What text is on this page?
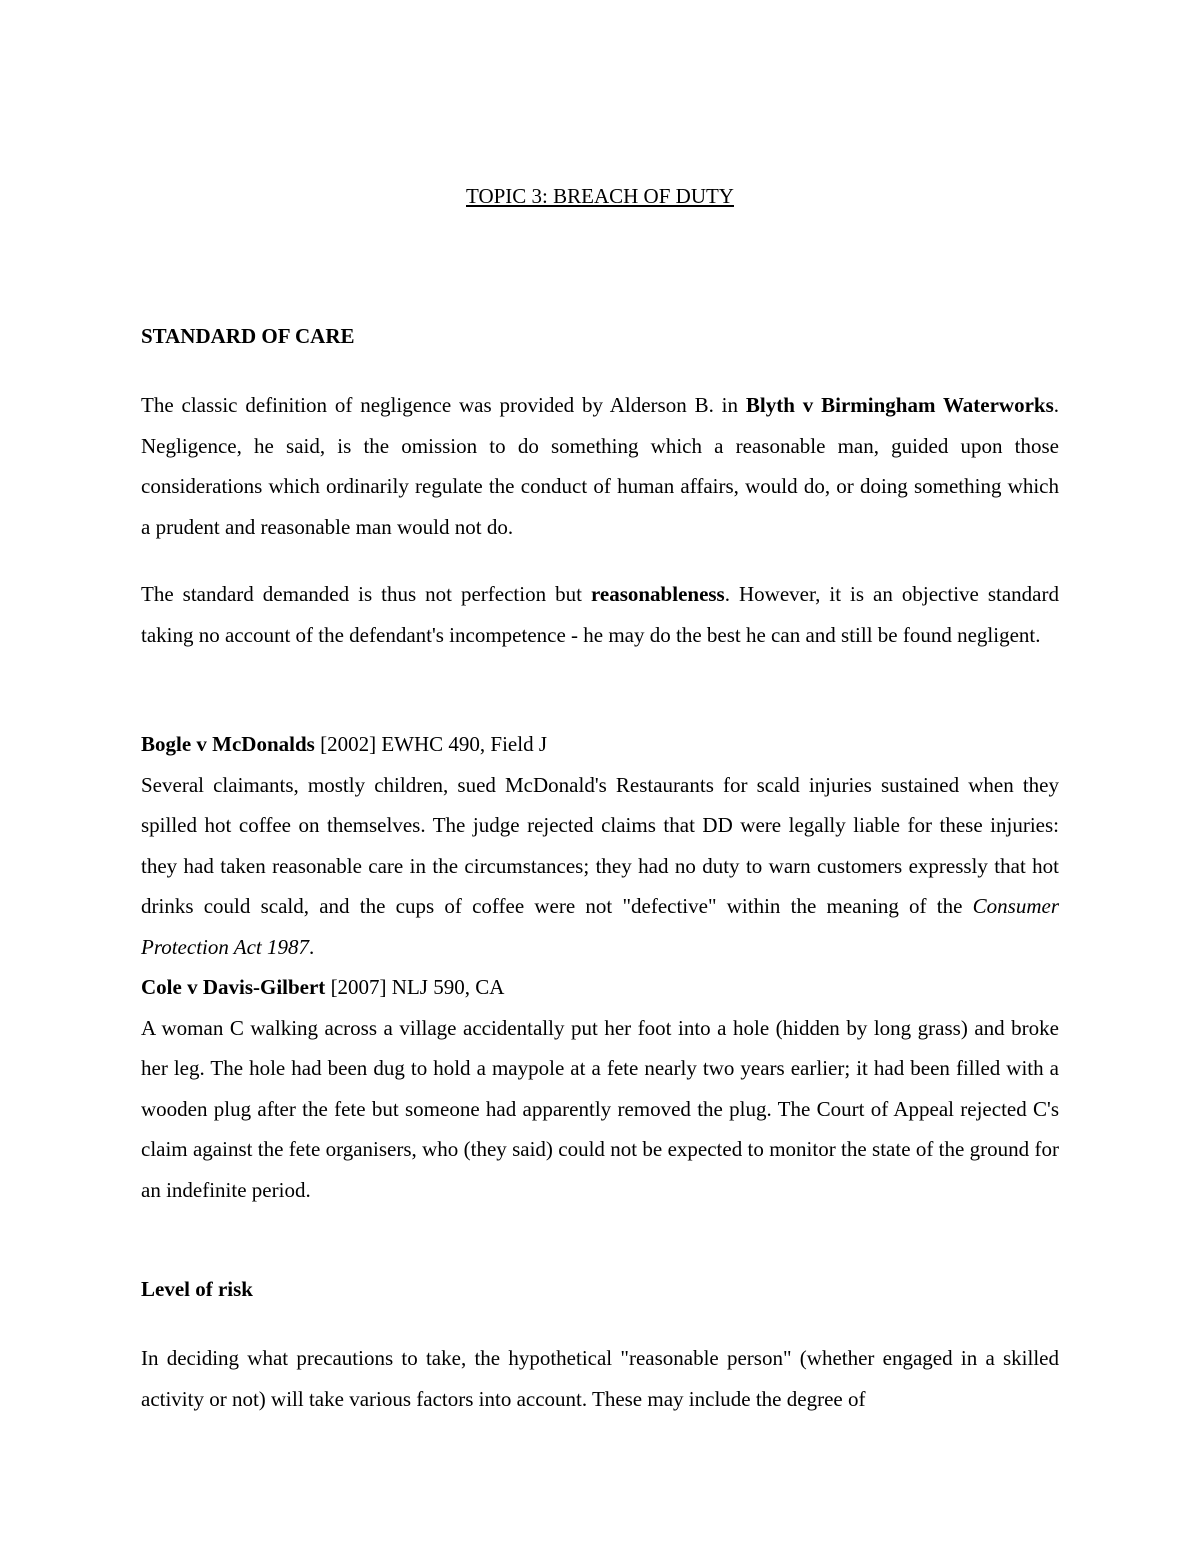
TOPIC 3: BREACH OF DUTY
STANDARD OF CARE

The classic definition of negligence was provided by Alderson B. in Blyth v Birmingham Waterworks. Negligence, he said, is the omission to do something which a reasonable man, guided upon those considerations which ordinarily regulate the conduct of human affairs, would do, or doing something which a prudent and reasonable man would not do.

The standard demanded is thus not perfection but reasonableness. However, it is an objective standard taking no account of the defendant's incompetence - he may do the best he can and still be found negligent.

Bogle v McDonalds [2002] EWHC 490, Field J

Several claimants, mostly children, sued McDonald's Restaurants for scald injuries sustained when they spilled hot coffee on themselves. The judge rejected claims that DD were legally liable for these injuries: they had taken reasonable care in the circumstances; they had no duty to warn customers expressly that hot drinks could scald, and the cups of coffee were not "defective" within the meaning of the Consumer Protection Act 1987.

Cole v Davis-Gilbert [2007] NLJ 590, CA

A woman C walking across a village accidentally put her foot into a hole (hidden by long grass) and broke her leg. The hole had been dug to hold a maypole at a fete nearly two years earlier; it had been filled with a wooden plug after the fete but someone had apparently removed the plug. The Court of Appeal rejected C's claim against the fete organisers, who (they said) could not be expected to monitor the state of the ground for an indefinite period.

Level of risk

In deciding what precautions to take, the hypothetical "reasonable person" (whether engaged in a skilled activity or not) will take various factors into account. These may include the degree of
